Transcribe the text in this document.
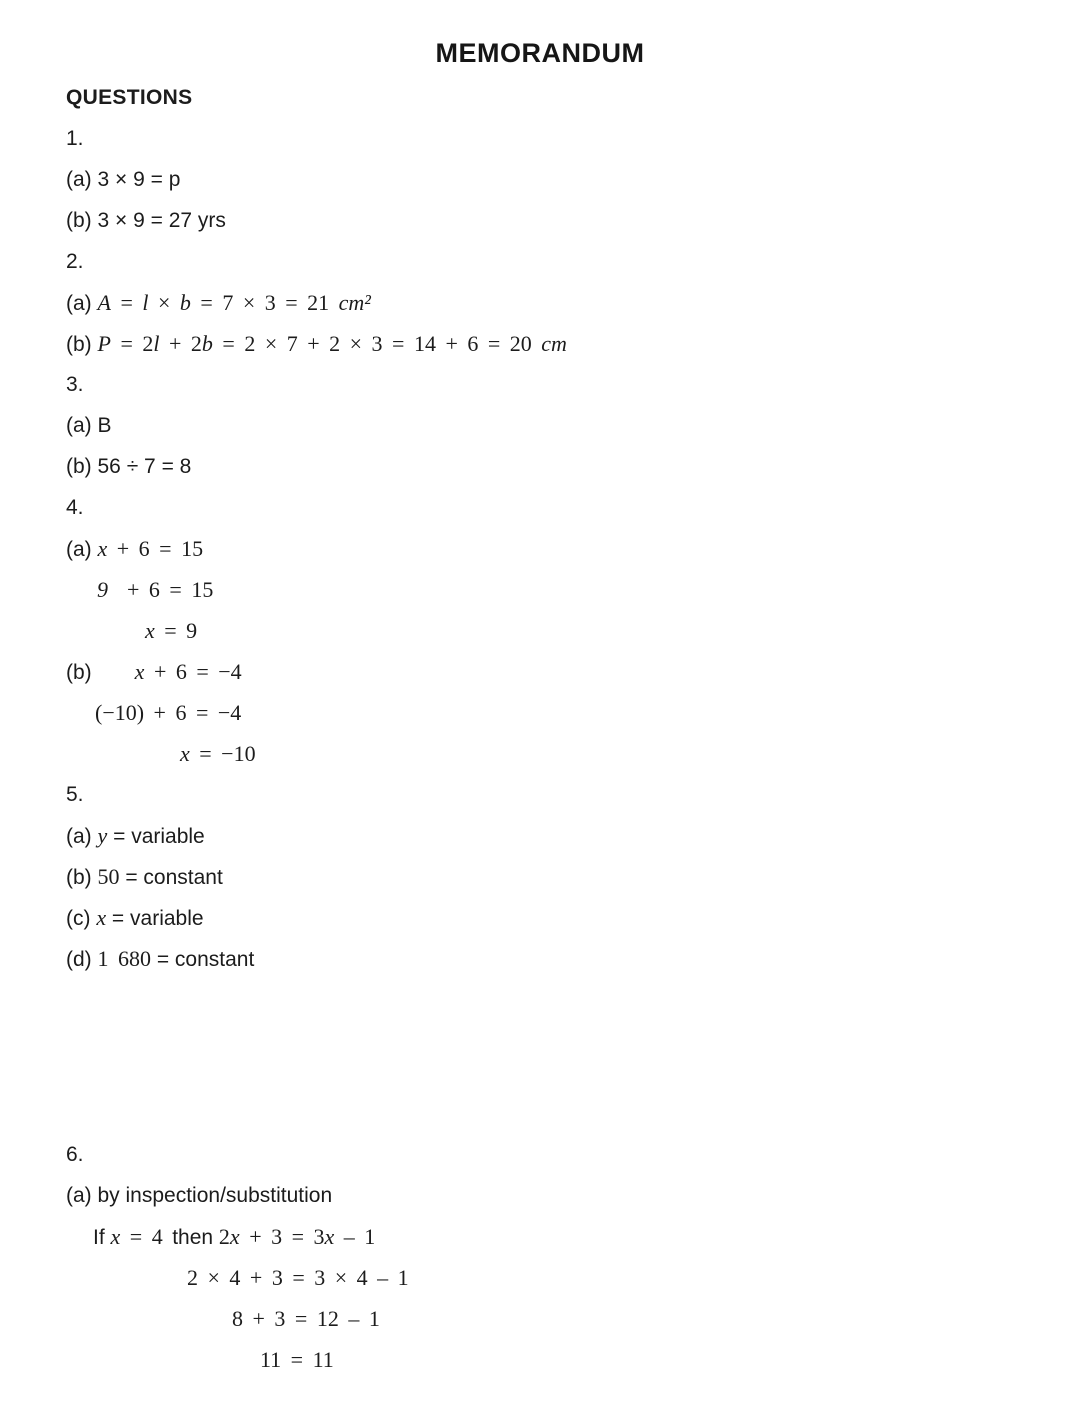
MEMORANDUM
QUESTIONS
1.
(a) 3 × 9 = p
(b) 3 × 9 = 27 yrs
2.
(a) A = l × b = 7 × 3 = 21 cm²
(b) P = 2l + 2b = 2 × 7 + 2 × 3 = 14 + 6 = 20 cm
3.
(a) B
(b) 56 ÷ 7 = 8
4.
(a) x + 6 = 15
9  + 6 = 15
x = 9
(b) x + 6 = −4
(−10) + 6 = −4
x = −10
5.
(a) y = variable
(b) 50 = constant
(c) x = variable
(d) 1 680 = constant
6.
(a) by inspection/substitution
If x = 4 then 2x + 3 = 3x – 1
2 × 4 + 3 = 3 × 4 – 1
8 + 3 = 12 – 1
11 = 11
